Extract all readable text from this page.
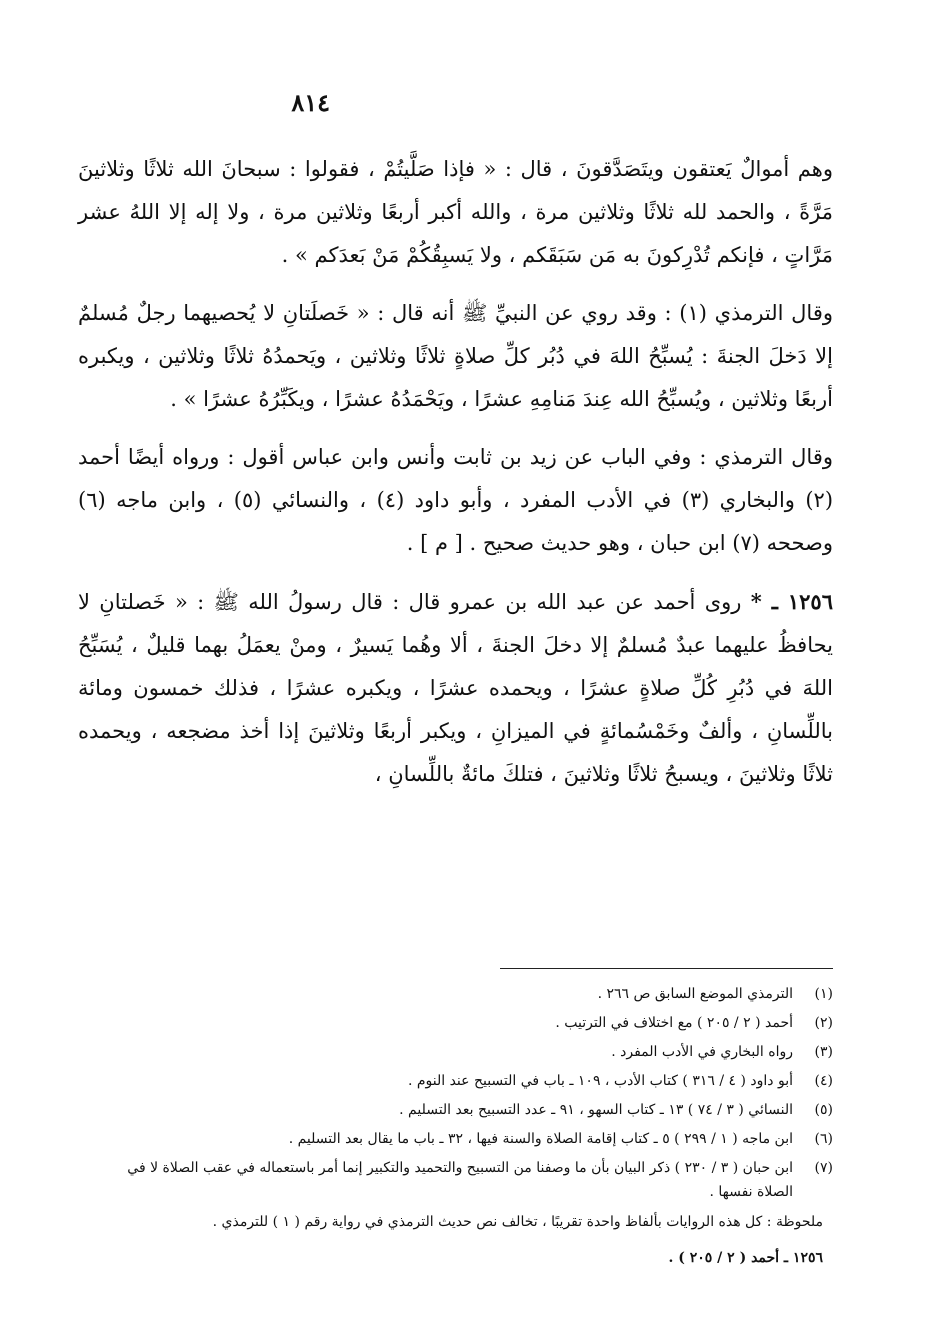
٨١٤

وهم أموالٌ يَعتقون ويتَصَدَّقونَ ، قال : « فإذا صَلَّيتُمْ ، فقولوا : سبحانَ الله ثلاثًا وثلاثينَ مَرَّةً ، والحمد لله ثلاثًا وثلاثين مرة ، والله أكبر أربعًا وثلاثين مرة ، ولا إله إلا اللهُ عشر مَرَّاتٍ ، فإنكم تُدْرِكونَ به مَن سَبَقَكم ، ولا يَسبِقُكُمْ مَنْ بَعدَكم » .

وقال الترمذي (١) : وقد روي عن النبيِّ ﷺ أنه قال : « خَصلَتانِ لا يُحصيهما رجلٌ مُسلمٌ إلا دَخلَ الجنةَ : يُسبِّحُ اللهَ في دُبُر كلِّ صلاةٍ ثلاثًا وثلاثين ، ويَحمدُهُ ثلاثًا وثلاثين ، ويكبره أربعًا وثلاثين ، ويُسبِّحُ الله عِندَ مَنامِهِ عشرًا ، ويَحْمَدُهُ عشرًا ، ويكَبِّرُهُ عشرًا » .

وقال الترمذي : وفي الباب عن زيد بن ثابت وأنس وابن عباس أقول : ورواه أيضًا أحمد (٢) والبخاري (٣) في الأدب المفرد ، وأبو داود (٤) ، والنسائي (٥) ، وابن ماجه (٦) وصححه (٧) ابن حبان ، وهو حديث صحيح . [ م ] .

١٢٥٦ ـ * روى أحمد عن عبد الله بن عمرو قال : قال رسولُ الله ﷺ : « خَصلتانِ لا يحافظُ عليهما عبدٌ مُسلمٌ إلا دخلَ الجنةَ ، ألا وهُما يَسيرٌ ، ومنْ يعمَلُ بهما قليلٌ ، يُسَبِّحُ اللهَ في دُبُرِ كُلِّ صلاةٍ عشرًا ، ويحمده عشرًا ، ويكبره عشرًا ، فذلك خمسون ومائة باللِّسانِ ، وألفٌ وخَمْسُمائةٍ في الميزانِ ، ويكبر أربعًا وثلاثينَ إذا أخذ مضجعه ، ويحمده ثلاثًا وثلاثينَ ، ويسبحُ ثلاثًا وثلاثينَ ، فتلكَ مائةٌ باللِّسانِ ،

(١)
الترمذي الموضع السابق ص ٢٦٦ .
(٢)
أحمد ( ٢ / ٢٠٥ ) مع اختلاف في الترتيب .
(٣)
رواه البخاري في الأدب المفرد .
(٤)
أبو داود ( ٤ / ٣١٦ ) كتاب الأدب ، ١٠٩ ـ باب في التسبيح عند النوم .
(٥)
النسائي ( ٣ / ٧٤ ) ١٣ ـ كتاب السهو ، ٩١ ـ عدد التسبيح بعد التسليم .
(٦)
ابن ماجه ( ١ / ٢٩٩ ) ٥ ـ كتاب إقامة الصلاة والسنة فيها ، ٣٢ ـ باب ما يقال بعد التسليم .
(٧)
ابن حبان ( ٣ / ٢٣٠ ) ذكر البيان بأن ما وصفنا من التسبيح والتحميد والتكبير إنما أمر باستعماله في عقب الصلاة لا في الصلاة نفسها .
ملحوظة : كل هذه الروايات بألفاظ واحدة تقريبًا ، تخالف نص حديث الترمذي في رواية رقم ( ١ ) للترمذي .
١٢٥٦ ـ أحمد ( ٢ / ٢٠٥ ) .
